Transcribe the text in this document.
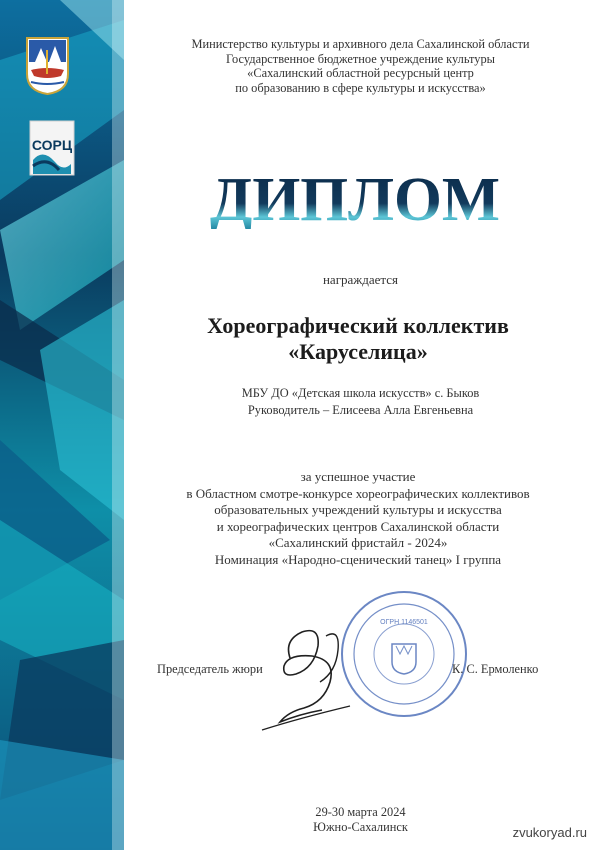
СОРЦ
Министерство культуры и архивного дела Сахалинской области
Государственное бюджетное учреждение культуры
«Сахалинский областной ресурсный центр
по образованию в сфере культуры и искусства»
ДИПЛОМ
награждается
Хореографический коллектив
«Каруселица»
МБУ ДО «Детская школа искусств» с. Быков
Руководитель – Елисеева Алла Евгеньевна
за успешное участие
в Областном смотре-конкурсе хореографических коллективов
образовательных учреждений культуры и искусства
и хореографических центров Сахалинской области
«Сахалинский фристайл - 2024»
Номинация «Народно-сценический танец» I группа
ОГРН 1146501
Председатель жюри	К. С. Ермоленко
29-30 марта 2024
Южно-Сахалинск	zvukoryad.ru
